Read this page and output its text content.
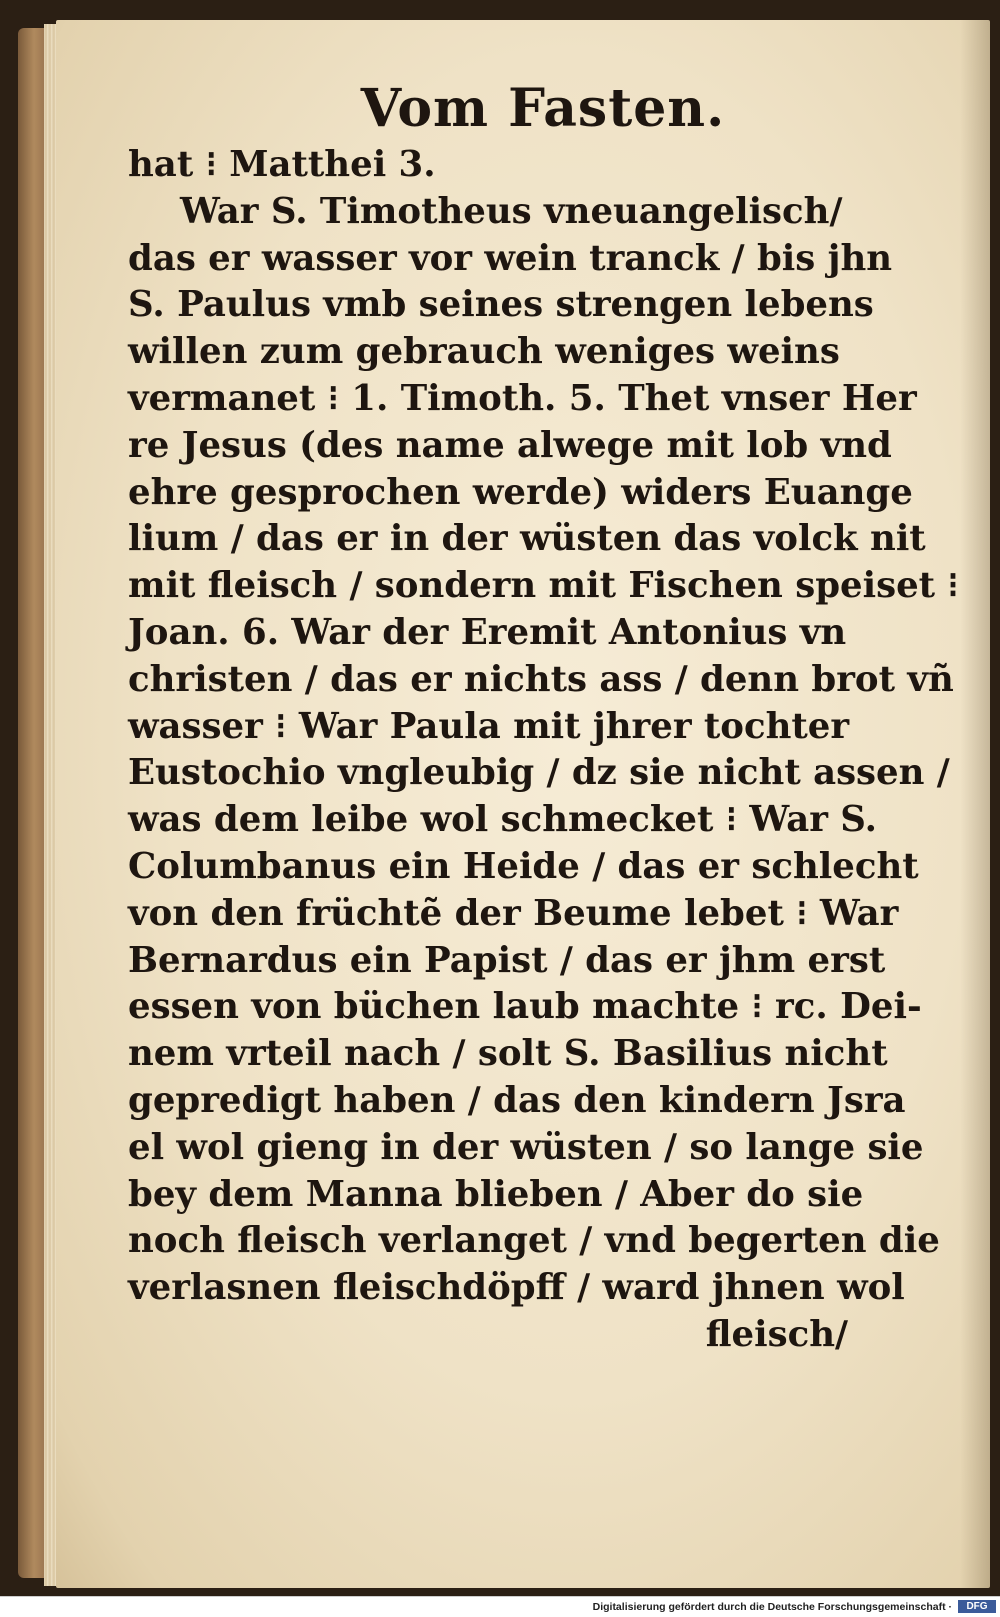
Vom Fasten.
hat ⁝ Matthei 3.
War S. Timotheus vneuangelisch/
das er wasser vor wein tranck / bis jhn
S. Paulus vmb seines strengen lebens
willen zum gebrauch weniges weins
vermanet ⁝ 1. Timoth. 5. Thet vnser Her
re Jesus (des name alwege mit lob vnd
ehre gesprochen werde) widers Euange
lium / das er in der wüsten das volck nit
mit fleisch / sondern mit Fischen speiset ⁝
Joan. 6. War der Eremit Antonius vn
christen / das er nichts ass / denn brot vñ
wasser ⁝ War Paula mit jhrer tochter
Eustochio vngleubig / dz sie nicht assen /
was dem leibe wol schmecket ⁝ War S.
Columbanus ein Heide / das er schlecht
von den früchtẽ der Beume lebet ⁝ War
Bernardus ein Papist / das er jhm erst
essen von büchen laub machte ⁝ rc. Dei-
nem vrteil nach / solt S. Basilius nicht
gepredigt haben / das den kindern Jsra
el wol gieng in der wüsten / so lange sie
bey dem Manna blieben / Aber do sie
noch fleisch verlanget / vnd begerten die
verlasnen fleischdöpff / ward jhnen wol
fleisch/
Digitalisierung gefördert durch die Deutsche Forschungsgemeinschaft ·	DFG
